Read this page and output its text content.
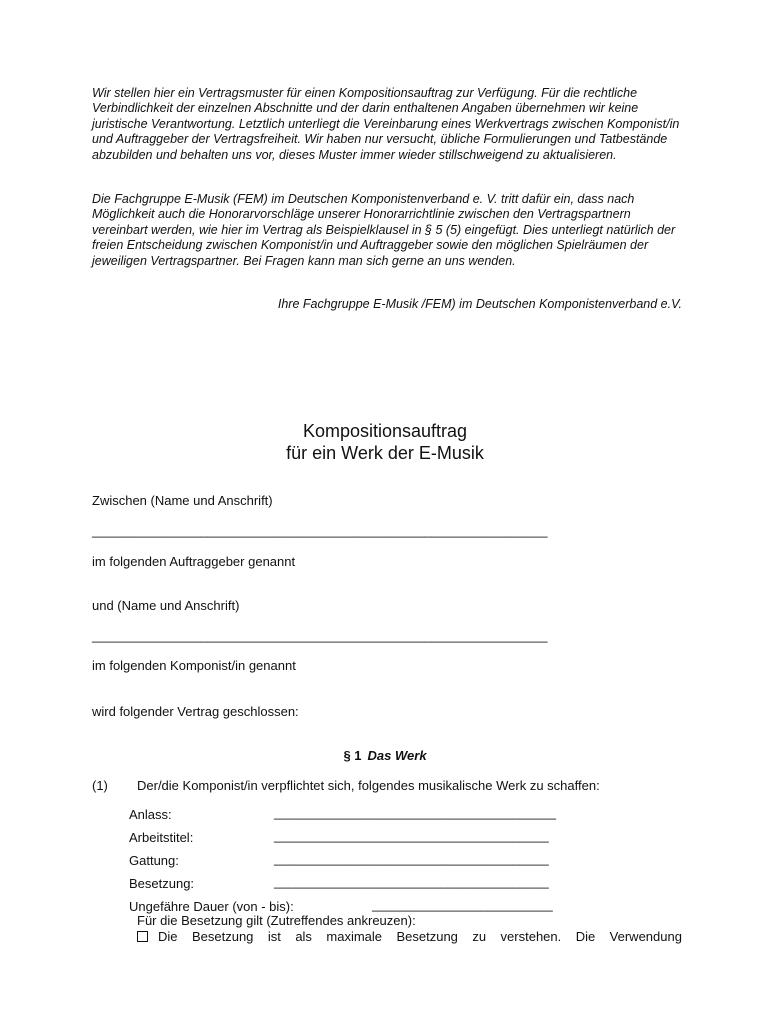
Wir stellen hier ein Vertragsmuster für einen Kompositionsauftrag zur Verfügung. Für die rechtliche Verbindlichkeit der einzelnen Abschnitte und der darin enthaltenen Angaben übernehmen wir keine juristische Verantwortung. Letztlich unterliegt die Vereinbarung eines Werkvertrags zwischen Komponist/in und Auftraggeber der Vertragsfreiheit. Wir haben nur versucht, übliche Formulierungen und Tatbestände abzubilden und behalten uns vor, dieses Muster immer wieder stillschweigend zu aktualisieren.

Die Fachgruppe E-Musik (FEM) im Deutschen Komponistenverband e. V. tritt dafür ein, dass nach Möglichkeit auch die Honorarvorschläge unserer Honorarrichtlinie zwischen den Vertragspartnern vereinbart werden, wie hier im Vertrag als Beispielklausel in § 5 (5) eingefügt. Dies unterliegt natürlich der freien Entscheidung zwischen Komponist/in und Auftraggeber sowie den möglichen Spielräumen der jeweiligen Vertragspartner. Bei Fragen kann man sich gerne an uns wenden.

Ihre Fachgruppe E-Musik /FEM) im Deutschen Komponistenverband e.V.
Kompositionsauftrag
für ein Werk der E-Musik
Zwischen (Name und Anschrift)
_______________________________________________________________
im folgenden Auftraggeber genannt
und (Name und Anschrift)
_______________________________________________________________
im folgenden Komponist/in genannt
wird folgender Vertrag geschlossen:
§ 1 Das Werk
(1) Der/die Komponist/in verpflichtet sich, folgendes musikalische Werk zu schaffen:
Anlass:	_______________________________________
Arbeitstitel:	______________________________________
Gattung:	______________________________________
Besetzung:	______________________________________
Ungefähre Dauer (von - bis):	_________________________
Für die Besetzung gilt (Zutreffendes ankreuzen):
Die Besetzung ist als maximale Besetzung zu verstehen. Die Verwendung
